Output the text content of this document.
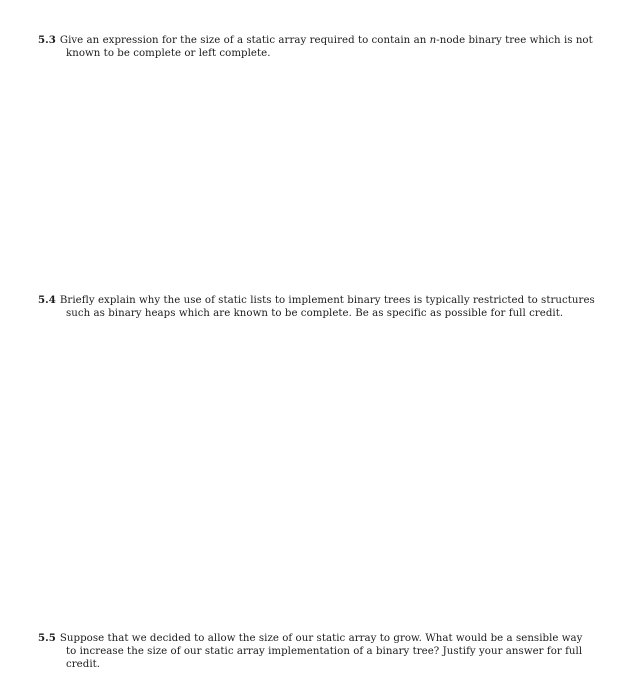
5.3 Give an expression for the size of a static array required to contain an n-node binary tree which is not
known to be complete or left complete.
5.4 Briefly explain why the use of static lists to implement binary trees is typically restricted to structures
such as binary heaps which are known to be complete. Be as specific as possible for full credit.
5.5 Suppose that we decided to allow the size of our static array to grow. What would be a sensible way
to increase the size of our static array implementation of a binary tree? Justify your answer for full
credit.
